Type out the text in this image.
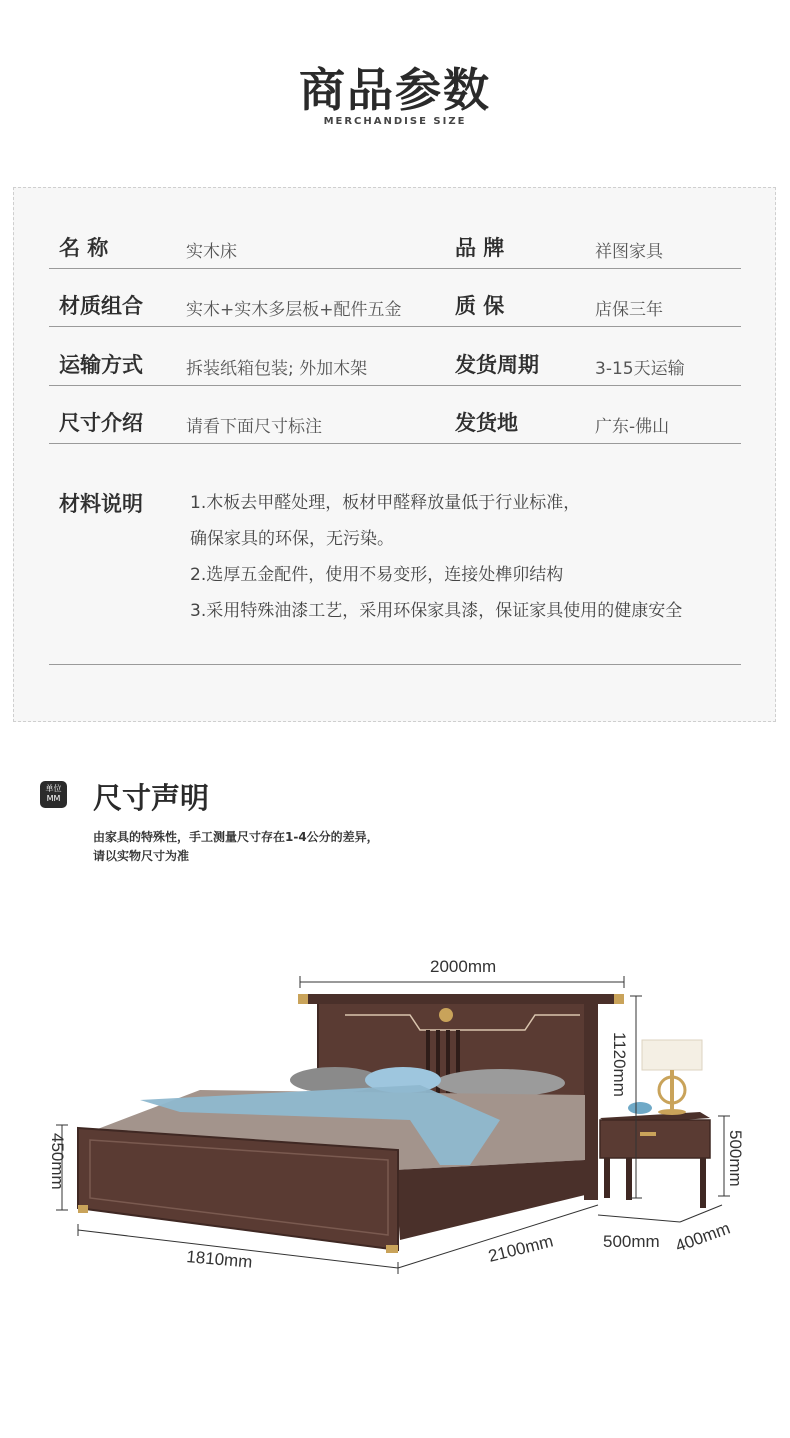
商品参数
MERCHANDISE SIZE
名 称	实木床	品 牌	祥图家具
材质组合	实木+实木多层板+配件五金	质 保	店保三年
运输方式	拆装纸箱包装; 外加木架	发货周期	3-15天运输
尺寸介绍	请看下面尺寸标注	发货地	广东-佛山
材料说明	1.木板去甲醛处理，板材甲醛释放量低于行业标准，
确保家具的环保，无污染。
2.选厚五金配件，使用不易变形，连接处榫卯结构
3.采用特殊油漆工艺，采用环保家具漆，保证家具使用的健康安全
单位
MM 尺寸声明
由家具的特殊性，手工测量尺寸存在1-4公分的差异，
请以实物尺寸为准
2000mm
1120mm
450mm
1810mm	2100mm
500mm
500mm 400mm
